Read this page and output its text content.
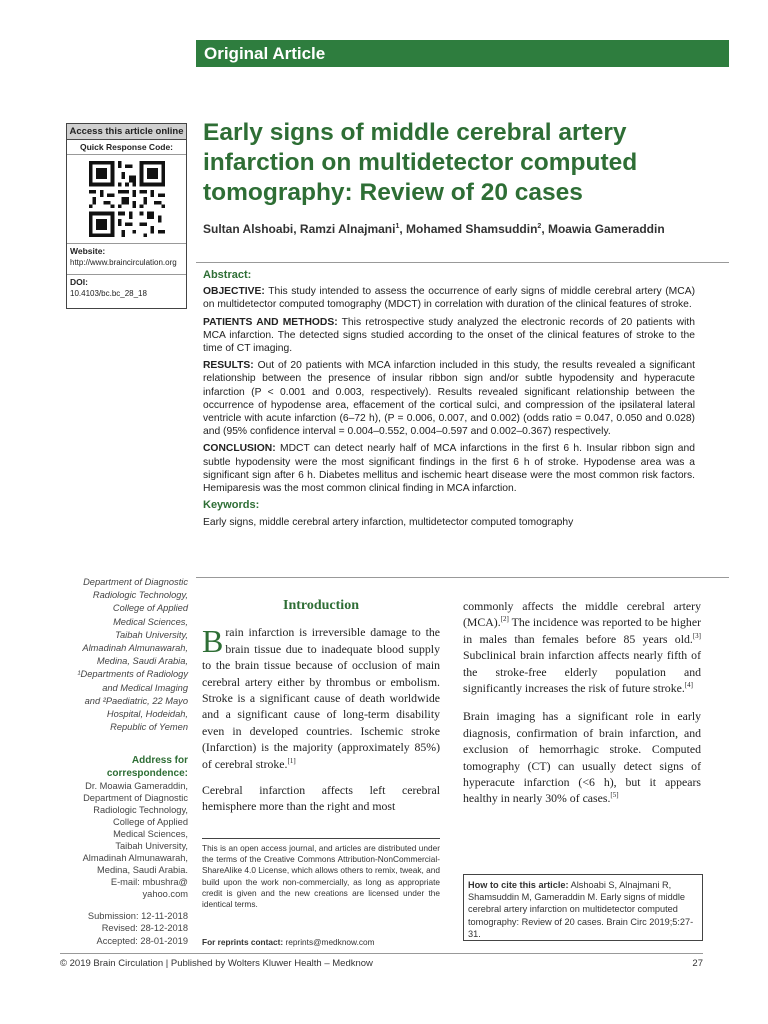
Original Article
Access this article online
Quick Response Code:
Website:
http://www.braincirculation.org
DOI:
10.4103/bc.bc_28_18
Early signs of middle cerebral artery infarction on multidetector computed tomography: Review of 20 cases
Sultan Alshoabi, Ramzi Alnajmani$^1$, Mohamed Shamsuddin$^2$, Moawia Gameraddin
Abstract:

OBJECTIVE: This study intended to assess the occurrence of early signs of middle cerebral artery (MCA) on multidetector computed tomography (MDCT) in correlation with duration of the clinical features of stroke.

PATIENTS AND METHODS: This retrospective study analyzed the electronic records of 20 patients with MCA infarction. The detected signs studied according to the onset of the clinical features of stroke to the time of CT imaging.

RESULTS: Out of 20 patients with MCA infarction included in this study, the results revealed a significant relationship between the presence of insular ribbon sign and/or subtle hypodensity and hyperacute infarction (P < 0.001 and 0.003, respectively). Results revealed significant relationship between the occurrence of hypodense area, effacement of the cortical sulci, and compression of the ipsilateral lateral ventricle with acute infarction (6–72 h), (P = 0.006, 0.007, and 0.002) (odds ratio = 0.047, 0.050 and 0.028) and (95% confidence interval = 0.004–0.552, 0.004–0.597 and 0.002–0.367) respectively.

CONCLUSION: MDCT can detect nearly half of MCA infarctions in the first 6 h. Insular ribbon sign and subtle hypodensity were the most significant findings in the first 6 h of stroke. Hypodense area was a significant sign after 6 h. Diabetes mellitus and ischemic heart disease were the most common risk factors. Hemiparesis was the most common clinical finding in MCA infarction.

Keywords:
Early signs, middle cerebral artery infarction, multidetector computed tomography
Department of Diagnostic
Radiologic Technology,
College of Applied
Medical Sciences,
Taibah University,
Almadinah Almunawarah,
Medina, Saudi Arabia,
¹Departments of Radiology
and Medical Imaging
and ²Paediatric, 22 Mayo
Hospital, Hodeidah,
Republic of Yemen
Address for
correspondence:
Dr. Moawia Gameraddin,
Department of Diagnostic
Radiologic Technology,
College of Applied
Medical Sciences,
Taibah University,
Almadinah Almunawarah,
Medina, Saudi Arabia.
E-mail: mbushra@
yahoo.com
Submission: 12-11-2018
Revised: 28-12-2018
Accepted: 28-01-2019
Introduction

Brain infarction is irreversible damage to the brain tissue due to inadequate blood supply to the brain tissue because of occlusion of main cerebral artery either by thrombus or embolism. Stroke is a significant cause of death worldwide and a significant cause of long-term disability even in developed countries. Ischemic stroke (Infarction) is the majority (approximately 85%) of cerebral stroke.[1]

Cerebral infarction affects left cerebral hemisphere more than the right and most

commonly affects the middle cerebral artery (MCA).[2] The incidence was reported to be higher in males than females before 85 years old.[3] Subclinical brain infarction affects nearly fifth of the stroke-free elderly population and significantly increases the risk of future stroke.[4]

Brain imaging has a significant role in early diagnosis, confirmation of brain infarction, and exclusion of hemorrhagic stroke. Computed tomography (CT) can usually detect signs of hyperacute infarction (<6 h), but it appears healthy in nearly 30% of cases.[5]

This is an open access journal, and articles are distributed under the terms of the Creative Commons Attribution-NonCommercial-ShareAlike 4.0 License, which allows others to remix, tweak, and build upon the work non-commercially, as long as appropriate credit is given and the new creations are licensed under the identical terms.
For reprints contact: reprints@medknow.com
How to cite this article: Alshoabi S, Alnajmani R, Shamsuddin M, Gameraddin M. Early signs of middle cerebral artery infarction on multidetector computed tomography: Review of 20 cases. Brain Circ 2019;5:27-31.
© 2019 Brain Circulation | Published by Wolters Kluwer Health – Medknow	27
